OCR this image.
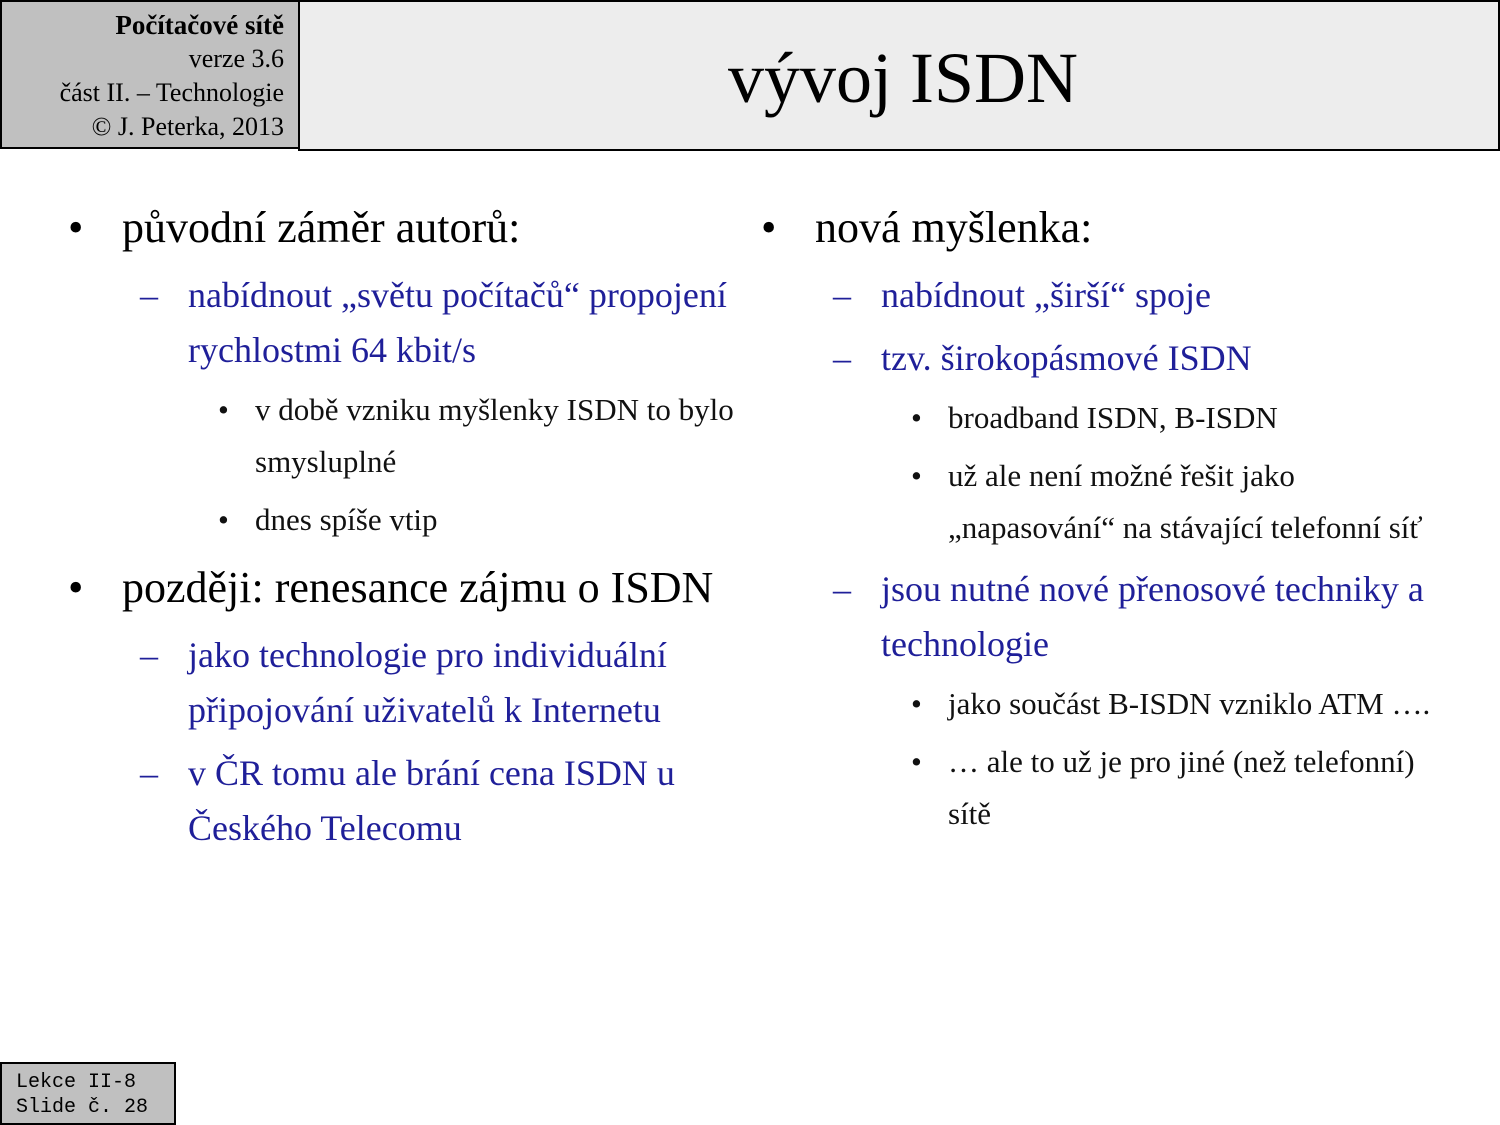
Počítačové sítě
verze 3.6
část II. – Technologie
© J. Peterka, 2013
vývoj ISDN
• původní záměr autorů:
– nabídnout „světu počítačů“ propojení rychlostmi 64 kbit/s
• v době vzniku myšlenky ISDN to bylo smysluplné
• dnes spíše vtip
• později: renesance zájmu o ISDN
– jako technologie pro individuální připojování uživatelů k Internetu
– v ČR tomu ale brání cena ISDN u Českého Telecomu
• nová myšlenka:
– nabídnout „širší“ spoje
– tzv. širokopásmové ISDN
• broadband ISDN, B-ISDN
• už ale není možné řešit jako „napasování“ na stávající telefonní síť
– jsou nutné nové přenosové techniky a technologie
• jako součást B-ISDN vzniklo ATM ….
• … ale to už je pro jiné (než telefonní) sítě
Lekce II-8
Slide č. 28
